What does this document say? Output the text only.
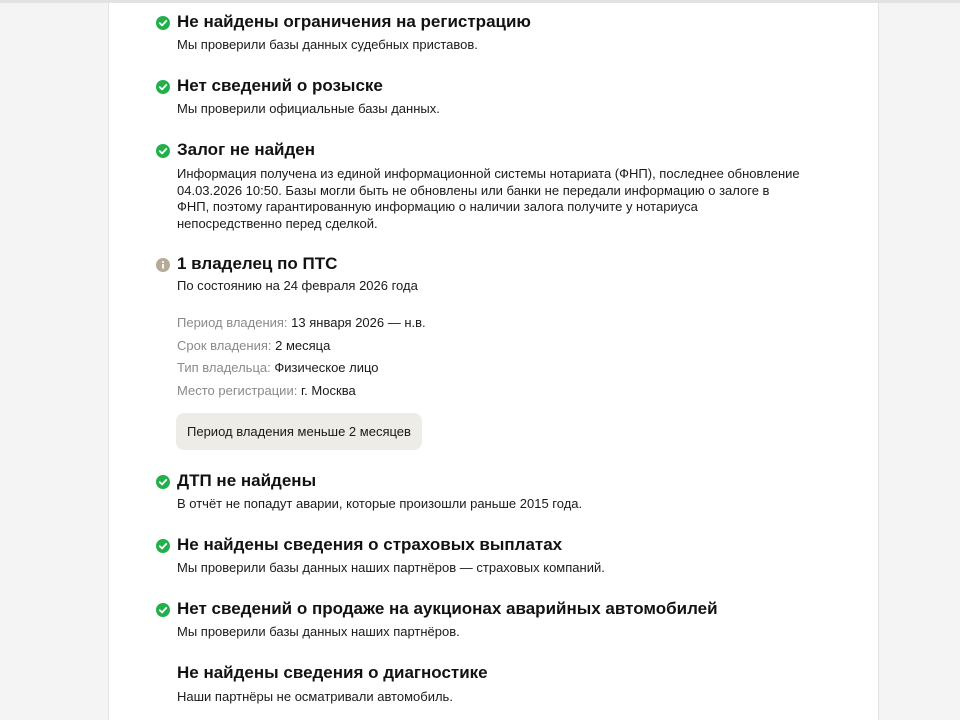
Не найдены ограничения на регистрацию
Мы проверили базы данных судебных приставов.
Нет сведений о розыске
Мы проверили официальные базы данных.
Залог не найден
Информация получена из единой информационной системы нотариата (ФНП), последнее обновление 04.03.2026 10:50. Базы могли быть не обновлены или банки не передали информацию о залоге в ФНП, поэтому гарантированную информацию о наличии залога получите у нотариуса непосредственно перед сделкой.
1 владелец по ПТС
По состоянию на 24 февраля 2026 года
Период владения: 13 января 2026 — н.в.
Срок владения: 2 месяца
Тип владельца: Физическое лицо
Место регистрации: г. Москва
Период владения меньше 2 месяцев
ДТП не найдены
В отчёт не попадут аварии, которые произошли раньше 2015 года.
Не найдены сведения о страховых выплатах
Мы проверили базы данных наших партнёров — страховых компаний.
Нет сведений о продаже на аукционах аварийных автомобилей
Мы проверили базы данных наших партнёров.
Не найдены сведения о диагностике
Наши партнёры не осматривали автомобиль.
